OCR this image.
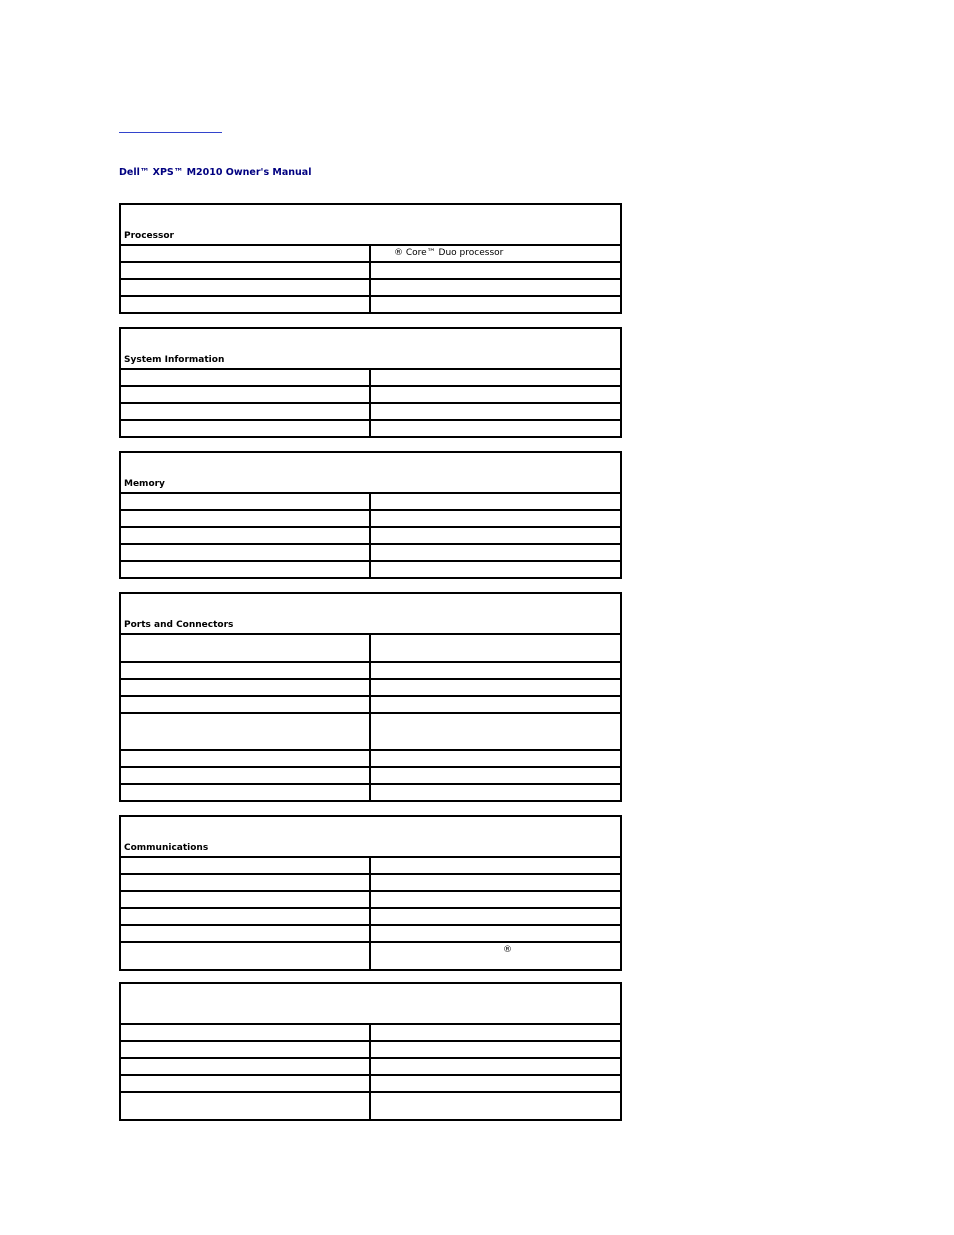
Dell™ XPS™ M2010 Owner's Manual
Processor	
	® Core™ Duo processor

System Information	

Memory	

Ports and Connectors	

Communications	

	®
